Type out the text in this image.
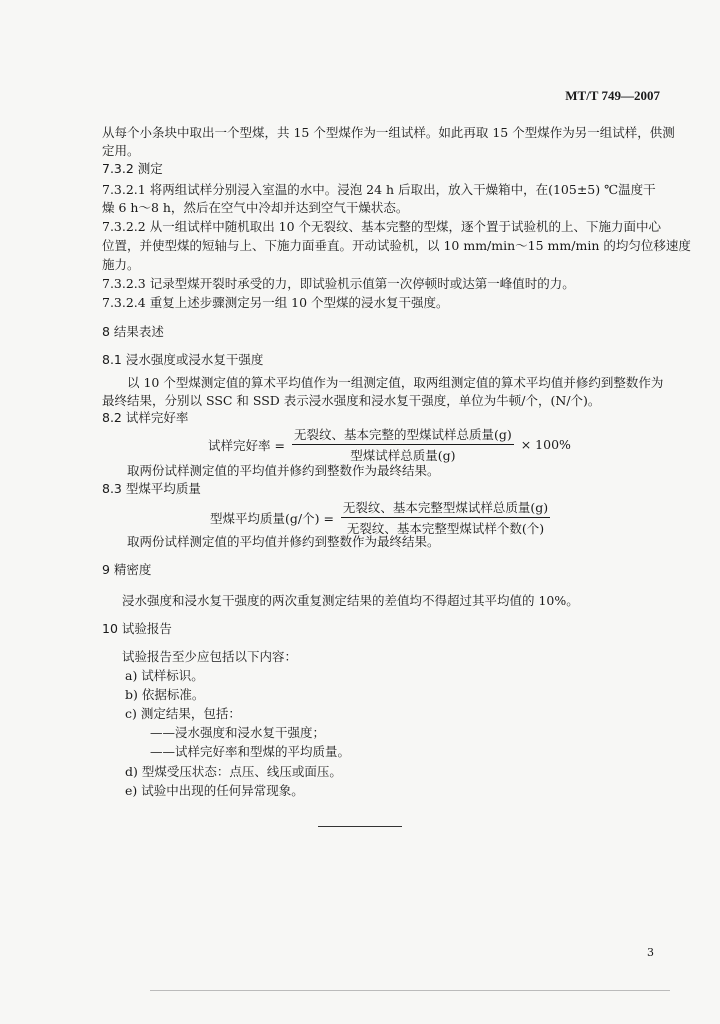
MT/T 749—2007
从每个小条块中取出一个型煤，共 15 个型煤作为一组试样。如此再取 15 个型煤作为另一组试样，供测
定用。
7.3.2 测定
7.3.2.1 将两组试样分别浸入室温的水中。浸泡 24 h 后取出，放入干燥箱中，在(105±5) ℃温度干
燥 6 h～8 h，然后在空气中冷却并达到空气干燥状态。
7.3.2.2 从一组试样中随机取出 10 个无裂纹、基本完整的型煤，逐个置于试验机的上、下施力面中心
位置，并使型煤的短轴与上、下施力面垂直。开动试验机，以 10 mm/min～15 mm/min 的均匀位移速度
施力。
7.3.2.3 记录型煤开裂时承受的力，即试验机示值第一次停顿时或达第一峰值时的力。
7.3.2.4 重复上述步骤测定另一组 10 个型煤的浸水复干强度。
8 结果表述
8.1 浸水强度或浸水复干强度
以 10 个型煤测定值的算术平均值作为一组测定值，取两组测定值的算术平均值并修约到整数作为
最终结果，分别以 SSC 和 SSD 表示浸水强度和浸水复干强度，单位为牛顿/个，(N/个)。
8.2 试样完好率
试样完好率 = $\frac{\text{无裂纹、基本完整的型煤试样总质量(g)}}{\text{型煤试样总质量(g)}} \times 100\%$
取两份试样测定值的平均值并修约到整数作为最终结果。
8.3 型煤平均质量
型煤平均质量(g/个) = $\frac{\text{无裂纹、基本完整型煤试样总质量(g)}}{\text{无裂纹、基本完整型煤试样个数(个)}}$
取两份试样测定值的平均值并修约到整数作为最终结果。
9 精密度
浸水强度和浸水复干强度的两次重复测定结果的差值均不得超过其平均值的 10%。
10 试验报告
试验报告至少应包括以下内容：
a) 试样标识。
b) 依据标准。
c) 测定结果，包括：
——浸水强度和浸水复干强度；
——试样完好率和型煤的平均质量。
d) 型煤受压状态：点压、线压或面压。
e) 试验中出现的任何异常现象。
3
